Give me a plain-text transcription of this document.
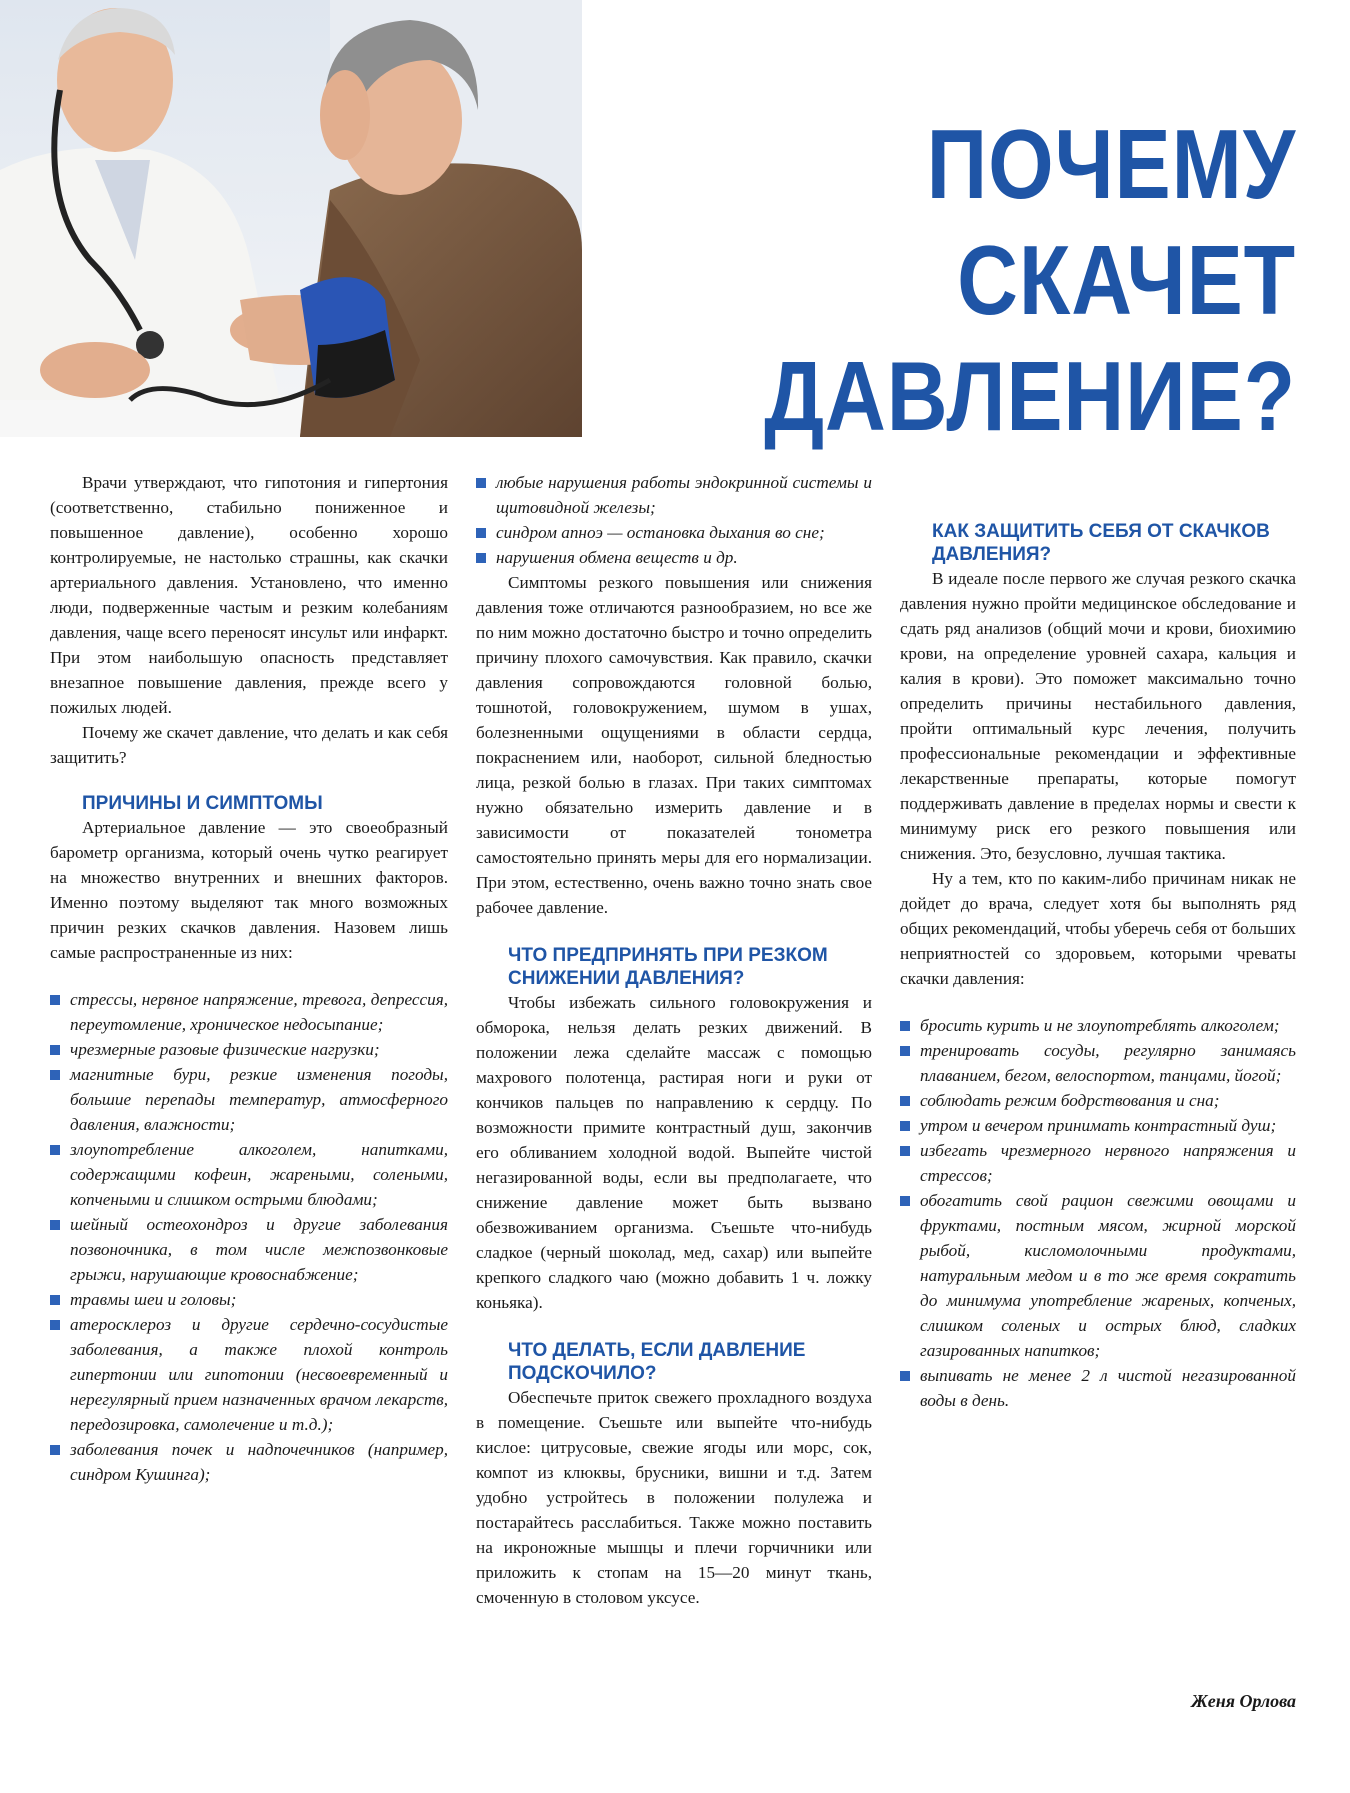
ПОЧЕМУ СКАЧЕТ
ДАВЛЕНИЕ?

Врачи утверждают, что гипотония и гипертония (соответственно, стабильно пониженное и повышенное давление), особенно хорошо контролируемые, не настолько страшны, как скачки артериального давления. Установлено, что именно люди, подверженные частым и резким колебаниям давления, чаще всего переносят инсульт или инфаркт. При этом наибольшую опасность представляет внезапное повышение давления, прежде всего у пожилых людей.

Почему же скачет давление, что делать и как себя защитить?

ПРИЧИНЫ И СИМПТОМЫ

Артериальное давление — это своеобразный барометр организма, который очень чутко реагирует на множество внутренних и внешних факторов. Именно поэтому выделяют так много возможных причин резких скачков давления. Назовем лишь самые распространенные из них:

стрессы, нервное напряжение, тревога, депрессия, переутомление, хроническое недосыпание;
чрезмерные разовые физические нагрузки;
магнитные бури, резкие изменения погоды, большие перепады температур, атмосферного давления, влажности;
злоупотребление алкоголем, напитками, содержащими кофеин, жареными, солеными, копчеными и слишком острыми блюдами;
шейный остеохондроз и другие заболевания позвоночника, в том числе межпозвонковые грыжи, нарушающие кровоснабжение;
травмы шеи и головы;
атеросклероз и другие сердечно-сосудистые заболевания, а также плохой контроль гипертонии или гипотонии (несвоевременный и нерегулярный прием назначенных врачом лекарств, передозировка, самолечение и т.д.);
заболевания почек и надпочечников (например, синдром Кушинга);
любые нарушения работы эндокринной системы и щитовидной железы;
синдром апноэ — остановка дыхания во сне;
нарушения обмена веществ и др.

Симптомы резкого повышения или снижения давления тоже отличаются разнообразием, но все же по ним можно достаточно быстро и точно определить причину плохого самочувствия. Как правило, скачки давления сопровождаются головной болью, тошнотой, головокружением, шумом в ушах, болезненными ощущениями в области сердца, покраснением или, наоборот, сильной бледностью лица, резкой болью в глазах. При таких симптомах нужно обязательно измерить давление и в зависимости от показателей тонометра самостоятельно принять меры для его нормализации. При этом, естественно, очень важно точно знать свое рабочее давление.

ЧТО ПРЕДПРИНЯТЬ ПРИ РЕЗКОМ СНИЖЕНИИ ДАВЛЕНИЯ?

Чтобы избежать сильного головокружения и обморока, нельзя делать резких движений. В положении лежа сделайте массаж с помощью махрового полотенца, растирая ноги и руки от кончиков пальцев по направлению к сердцу. По возможности примите контрастный душ, закончив его обливанием холодной водой. Выпейте чистой негазированной воды, если вы предполагаете, что снижение давление может быть вызвано обезвоживанием организма. Съешьте что-нибудь сладкое (черный шоколад, мед, сахар) или выпейте крепкого сладкого чаю (можно добавить 1 ч. ложку коньяка).

ЧТО ДЕЛАТЬ, ЕСЛИ ДАВЛЕНИЕ ПОДСКОЧИЛО?

Обеспечьте приток свежего прохладного воздуха в помещение. Съешьте или выпейте что-нибудь кислое: цитрусовые, свежие ягоды или морс, сок, компот из клюквы, брусники, вишни и т.д. Затем удобно устройтесь в положении полулежа и постарайтесь расслабиться. Также можно поставить на икроножные мышцы и плечи горчичники или приложить к стопам на 15—20 минут ткань, смоченную в столовом уксусе.

КАК ЗАЩИТИТЬ СЕБЯ ОТ СКАЧКОВ ДАВЛЕНИЯ?

В идеале после первого же случая резкого скачка давления нужно пройти медицинское обследование и сдать ряд анализов (общий мочи и крови, биохимию крови, на определение уровней сахара, кальция и калия в крови). Это поможет максимально точно определить причины нестабильного давления, пройти оптимальный курс лечения, получить профессиональные рекомендации и эффективные лекарственные препараты, которые помогут поддерживать давление в пределах нормы и свести к минимуму риск его резкого повышения или снижения. Это, безусловно, лучшая тактика.

Ну а тем, кто по каким-либо причинам никак не дойдет до врача, следует хотя бы выполнять ряд общих рекомендаций, чтобы уберечь себя от больших неприятностей со здоровьем, которыми чреваты скачки давления:

бросить курить и не злоупотреблять алкоголем;
тренировать сосуды, регулярно занимаясь плаванием, бегом, велоспортом, танцами, йогой;
соблюдать режим бодрствования и сна;
утром и вечером принимать контрастный душ;
избегать чрезмерного нервного напряжения и стрессов;
обогатить свой рацион свежими овощами и фруктами, постным мясом, жирной морской рыбой, кисломолочными продуктами, натуральным медом и в то же время сократить до минимума употребление жареных, копченых, слишком соленых и острых блюд, сладких газированных напитков;
выпивать не менее 2 л чистой негазированной воды в день.
Женя Орлова
